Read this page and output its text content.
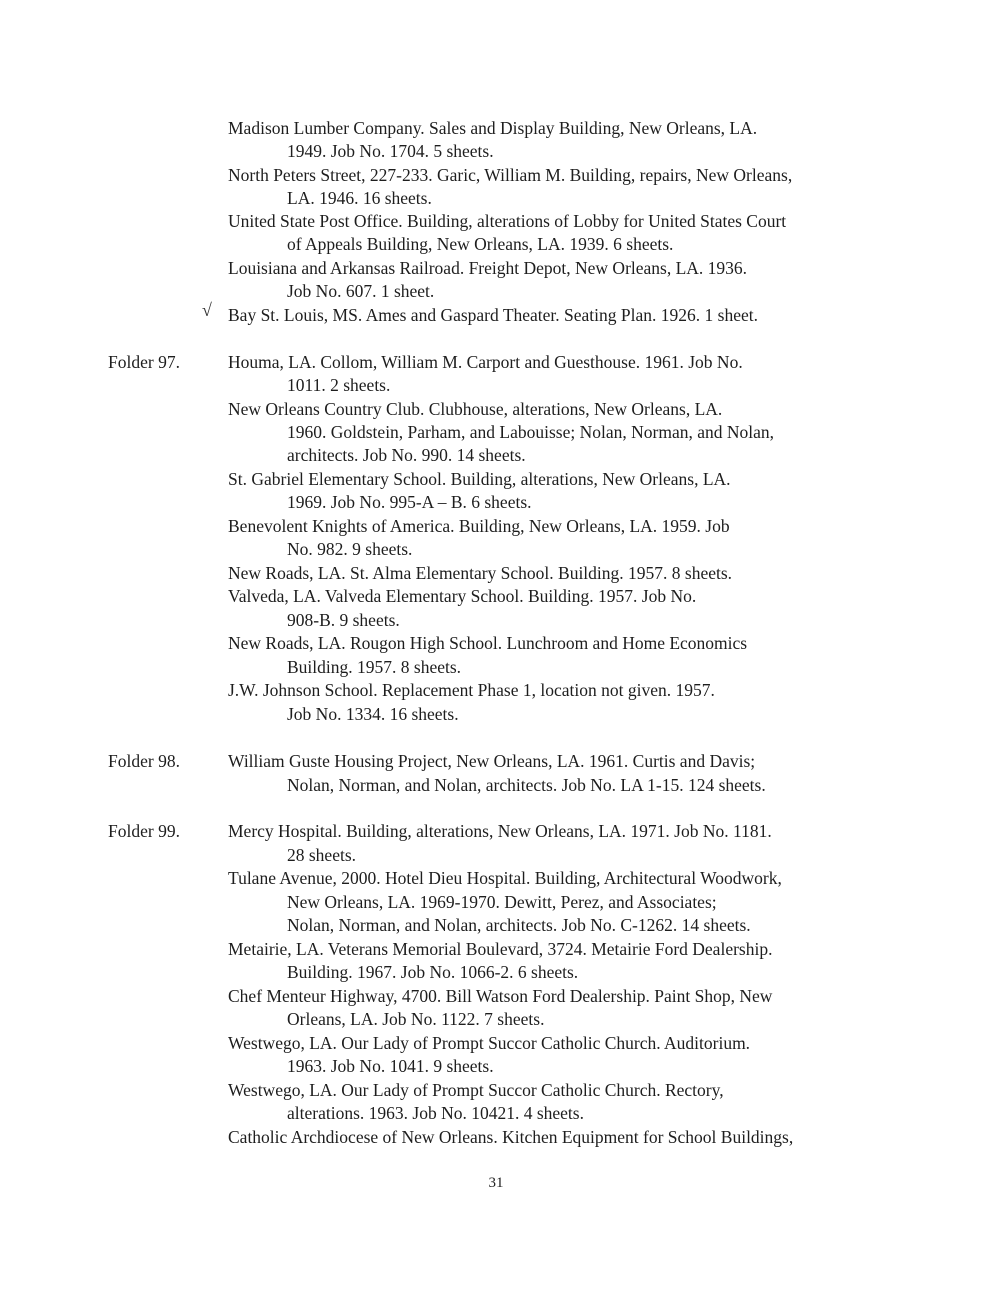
Madison Lumber Company. Sales and Display Building, New Orleans, LA.
1949. Job No. 1704. 5 sheets.
North Peters Street, 227-233. Garic, William M. Building, repairs, New Orleans,
LA. 1946. 16 sheets.
United State Post Office. Building, alterations of Lobby for United States Court
of Appeals Building, New Orleans, LA. 1939. 6 sheets.
Louisiana and Arkansas Railroad. Freight Depot, New Orleans, LA. 1936.
Job No. 607. 1 sheet.
√ Bay St. Louis, MS. Ames and Gaspard Theater. Seating Plan. 1926. 1 sheet.
Folder 97.	Houma, LA. Collom, William M. Carport and Guesthouse. 1961. Job No.
1011. 2 sheets.
New Orleans Country Club. Clubhouse, alterations, New Orleans, LA.
1960. Goldstein, Parham, and Labouisse; Nolan, Norman, and Nolan,
architects. Job No. 990. 14 sheets.
St. Gabriel Elementary School. Building, alterations, New Orleans, LA.
1969. Job No. 995-A – B. 6 sheets.
Benevolent Knights of America. Building, New Orleans, LA. 1959. Job
No. 982. 9 sheets.
New Roads, LA. St. Alma Elementary School. Building. 1957. 8 sheets.
Valveda, LA. Valveda Elementary School. Building. 1957. Job No.
908-B. 9 sheets.
New Roads, LA. Rougon High School. Lunchroom and Home Economics
Building. 1957. 8 sheets.
J.W. Johnson School. Replacement Phase 1, location not given. 1957.
Job No. 1334. 16 sheets.
Folder 98.	William Guste Housing Project, New Orleans, LA. 1961. Curtis and Davis;
Nolan, Norman, and Nolan, architects. Job No. LA 1-15. 124 sheets.
Folder 99.	Mercy Hospital. Building, alterations, New Orleans, LA. 1971. Job No. 1181.
28 sheets.
Tulane Avenue, 2000. Hotel Dieu Hospital. Building, Architectural Woodwork,
New Orleans, LA. 1969-1970. Dewitt, Perez, and Associates;
Nolan, Norman, and Nolan, architects. Job No. C-1262. 14 sheets.
Metairie, LA. Veterans Memorial Boulevard, 3724. Metairie Ford Dealership.
Building. 1967. Job No. 1066-2. 6 sheets.
Chef Menteur Highway, 4700. Bill Watson Ford Dealership. Paint Shop, New
Orleans, LA. Job No. 1122. 7 sheets.
Westwego, LA. Our Lady of Prompt Succor Catholic Church. Auditorium.
1963. Job No. 1041. 9 sheets.
Westwego, LA. Our Lady of Prompt Succor Catholic Church. Rectory,
alterations. 1963. Job No. 10421. 4 sheets.
Catholic Archdiocese of New Orleans. Kitchen Equipment for School Buildings,
31
